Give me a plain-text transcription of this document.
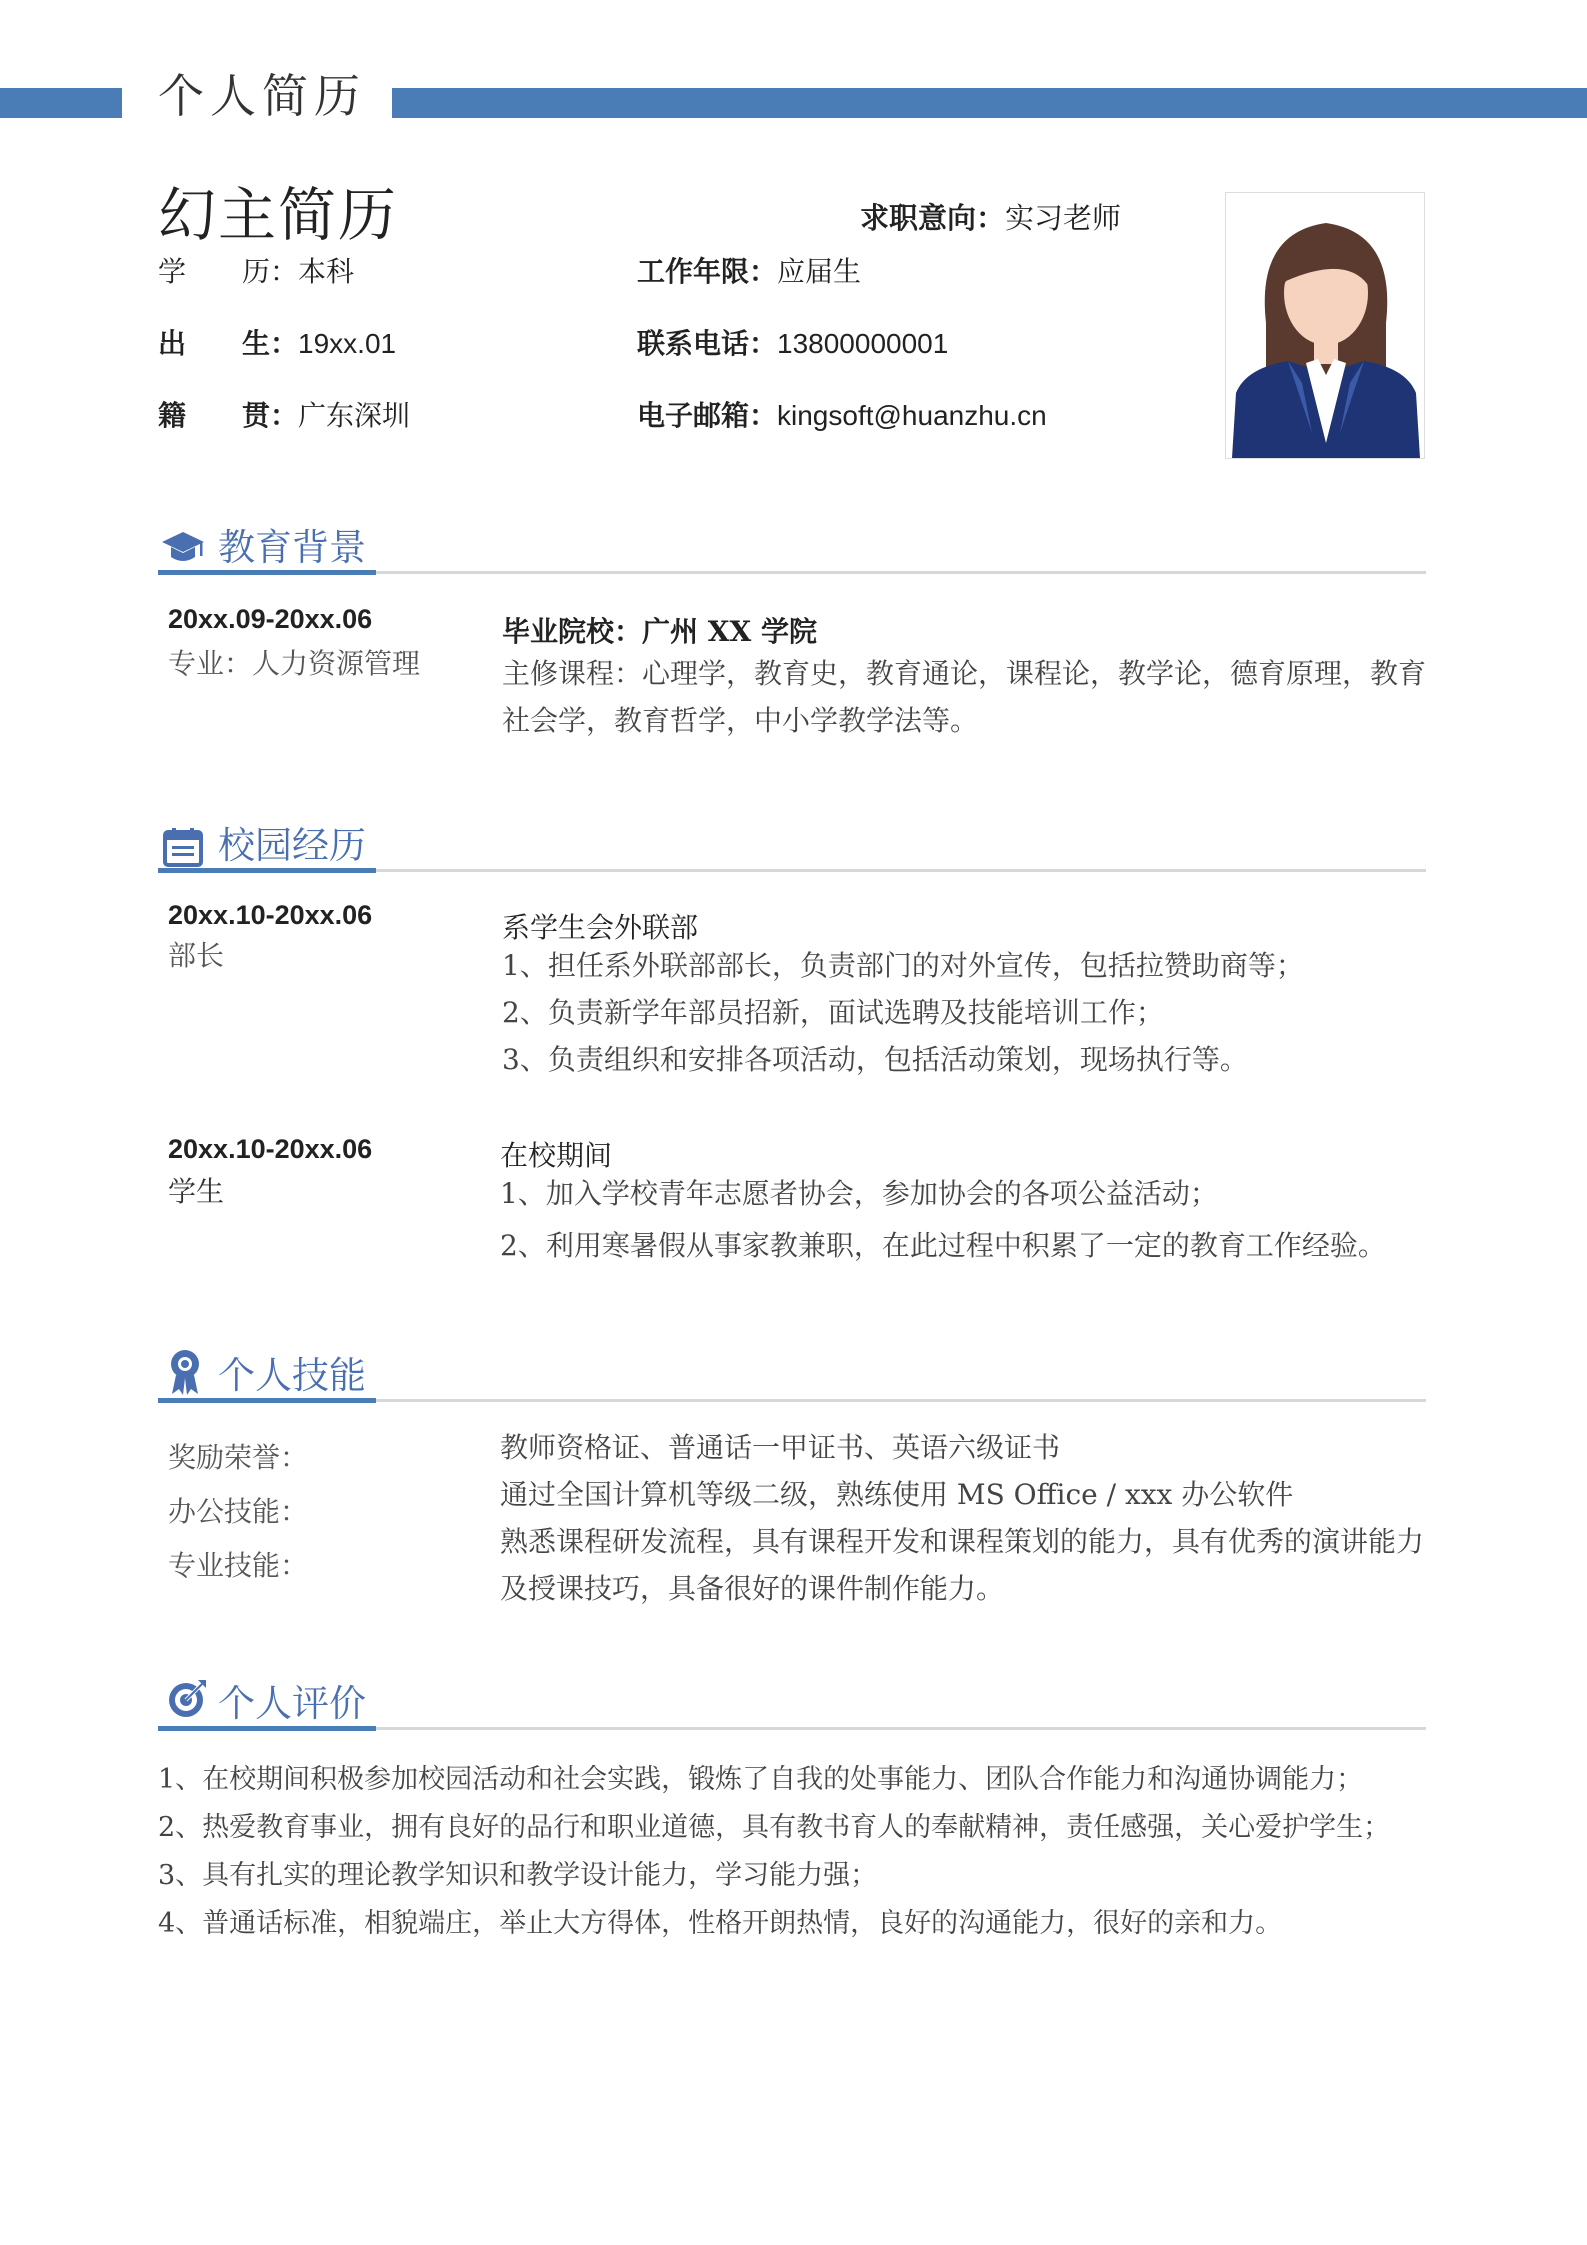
个人简历
幻主简历	求职意向：实习老师
学　　历：本科
出　　生：19xx.01
籍　　贯：广东深圳
工作年限：应届生
联系电话：13800000001
电子邮箱：kingsoft@huanzhu.cn
教育背景
20xx.09-20xx.06
专业：人力资源管理
毕业院校：广州 XX 学院
主修课程：心理学，教育史，教育通论，课程论，教学论，德育原理，教育
社会学，教育哲学，中小学教学法等。
校园经历
20xx.10-20xx.06
部长
系学生会外联部
1、担任系外联部部长，负责部门的对外宣传，包括拉赞助商等；
2、负责新学年部员招新，面试选聘及技能培训工作；
3、负责组织和安排各项活动，包括活动策划，现场执行等。
20xx.10-20xx.06
学生
在校期间
1、加入学校青年志愿者协会，参加协会的各项公益活动；
2、利用寒暑假从事家教兼职，在此过程中积累了一定的教育工作经验。
个人技能
奖励荣誉：
办公技能：
专业技能：
教师资格证、普通话一甲证书、英语六级证书
通过全国计算机等级二级，熟练使用 MS Office / xxx 办公软件
熟悉课程研发流程，具有课程开发和课程策划的能力，具有优秀的演讲能力
及授课技巧，具备很好的课件制作能力。
个人评价
1、在校期间积极参加校园活动和社会实践，锻炼了自我的处事能力、团队合作能力和沟通协调能力；
2、热爱教育事业，拥有良好的品行和职业道德，具有教书育人的奉献精神，责任感强，关心爱护学生；
3、具有扎实的理论教学知识和教学设计能力，学习能力强；
4、普通话标准，相貌端庄，举止大方得体，性格开朗热情，良好的沟通能力，很好的亲和力。
